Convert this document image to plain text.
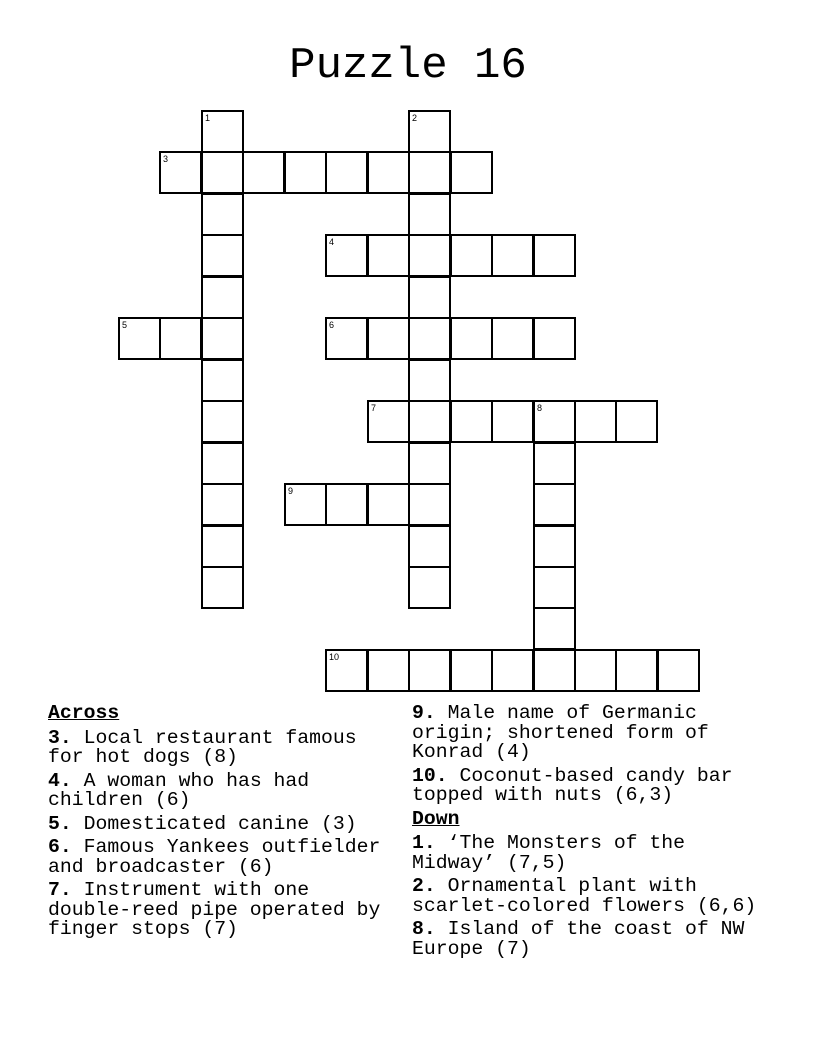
Puzzle 16
1	2
3
4
5	6
7	8
9
10
Across
3. Local restaurant famous for hot dogs (8)
4. A woman who has had children (6)
5. Domesticated canine (3)
6. Famous Yankees outfielder and broadcaster (6)
7. Instrument with one double-reed pipe operated by finger stops (7)
9. Male name of Germanic origin; shortened form of Konrad (4)
10. Coconut-based candy bar topped with nuts (6,3)
Down
1. ‘The Monsters of the Midway’ (7,5)
2. Ornamental plant with scarlet-colored flowers (6,6)
8. Island of the coast of NW Europe (7)
